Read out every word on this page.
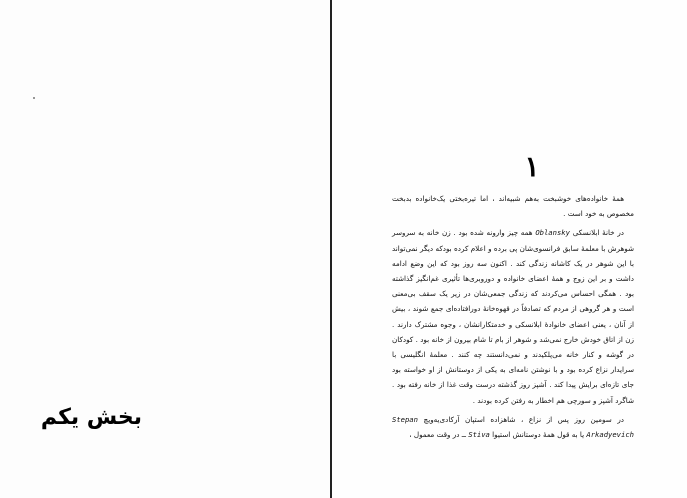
بخش یکم
۱

همهٔ خانواده‌های خوشبخت به‌هم شبیه‌اند ، اما تیره‌بختی یک‌خانواده بدبخت مخصوص به خود است .

در خانهٔ ابلانسکی Oblansky همه چیز وارونه شده بود . زن خانه به سروسر شوهرش با معلمهٔ سابق فرانسوی‌شان پی برده و اعلام کرده بودکه دیگر نمی‌تواند با این شوهر در یک کاشانه زندگی کند . اکنون سه روز بود که این وضع ادامه داشت و بر این زوج و همهٔ اعضای خانواده و دوروبری‌ها تأثیری غم‌انگیز گذاشته بود . همگی احساس می‌کردند که زندگی جمعی‌شان در زیر یک سقف بی‌معنی است و هر گروهی از مردم که تصادفاً در قهوه‌خانهٔ دورافتاده‌ای جمع شوند ، بیش از آنان ، یعنی اعضای خانوادهٔ ابلانسکی و خدمتکارانشان ، وجوه مشترک دارند . زن از اتاق خودش خارج نمی‌شد و شوهر از بام تا شام بیرون از خانه بود . کودکان در گوشه و کنار خانه می‌پلکیدند و نمی‌دانستند چه کنند . معلمهٔ انگلیسی با سرایدار نزاع کرده بود و با نوشتن نامه‌ای به یکی از دوستانش از او خواسته بود جای تازه‌ای برایش پیدا کند . آشپز روز گذشته درست وقت غذا از خانه رفته بود . شاگرد آشپز و سورچی هم اخطار به رفتن کرده بودند .

در سومین روز پس از نزاع ، شاهزاده استپان آرکادی‌یه‌ویچ Stepan Arkadyevich یا به قول همهٔ دوستانش استیوا Stiva ــ در وقت معمول ،
